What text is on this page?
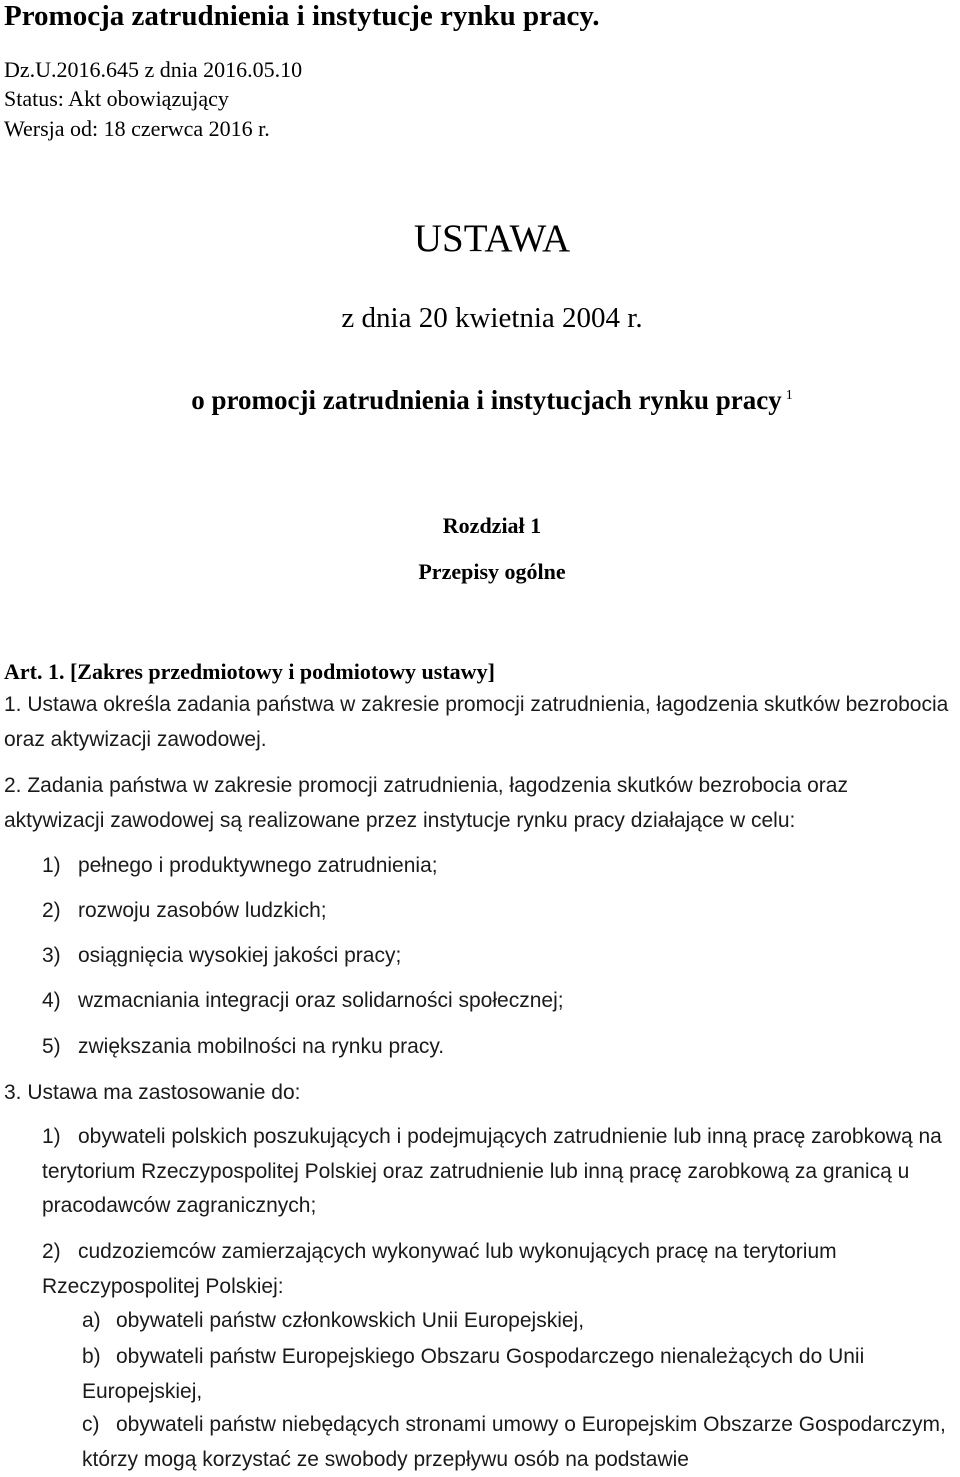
Promocja zatrudnienia i instytucje rynku pracy.
Dz.U.2016.645 z dnia 2016.05.10
Status: Akt obowiązujący
Wersja od: 18 czerwca 2016 r.
USTAWA
z dnia 20 kwietnia 2004 r.
o promocji zatrudnienia i instytucjach rynku pracy $^1$
Rozdział 1
Przepisy ogólne
Art. 1. [Zakres przedmiotowy i podmiotowy ustawy]
1. Ustawa określa zadania państwa w zakresie promocji zatrudnienia, łagodzenia skutków bezrobocia oraz aktywizacji zawodowej.
2. Zadania państwa w zakresie promocji zatrudnienia, łagodzenia skutków bezrobocia oraz aktywizacji zawodowej są realizowane przez instytucje rynku pracy działające w celu:
1) pełnego i produktywnego zatrudnienia;
2) rozwoju zasobów ludzkich;
3) osiągnięcia wysokiej jakości pracy;
4) wzmacniania integracji oraz solidarności społecznej;
5) zwiększania mobilności na rynku pracy.
3. Ustawa ma zastosowanie do:
1) obywateli polskich poszukujących i podejmujących zatrudnienie lub inną pracę zarobkową na terytorium Rzeczypospolitej Polskiej oraz zatrudnienie lub inną pracę zarobkową za granicą u pracodawców zagranicznych;
2) cudzoziemców zamierzających wykonywać lub wykonujących pracę na terytorium Rzeczypospolitej Polskiej:
a) obywateli państw członkowskich Unii Europejskiej,
b) obywateli państw Europejskiego Obszaru Gospodarczego nienależących do Unii Europejskiej,
c) obywateli państw niebędących stronami umowy o Europejskim Obszarze Gospodarczym, którzy mogą korzystać ze swobody przepływu osób na podstawie
